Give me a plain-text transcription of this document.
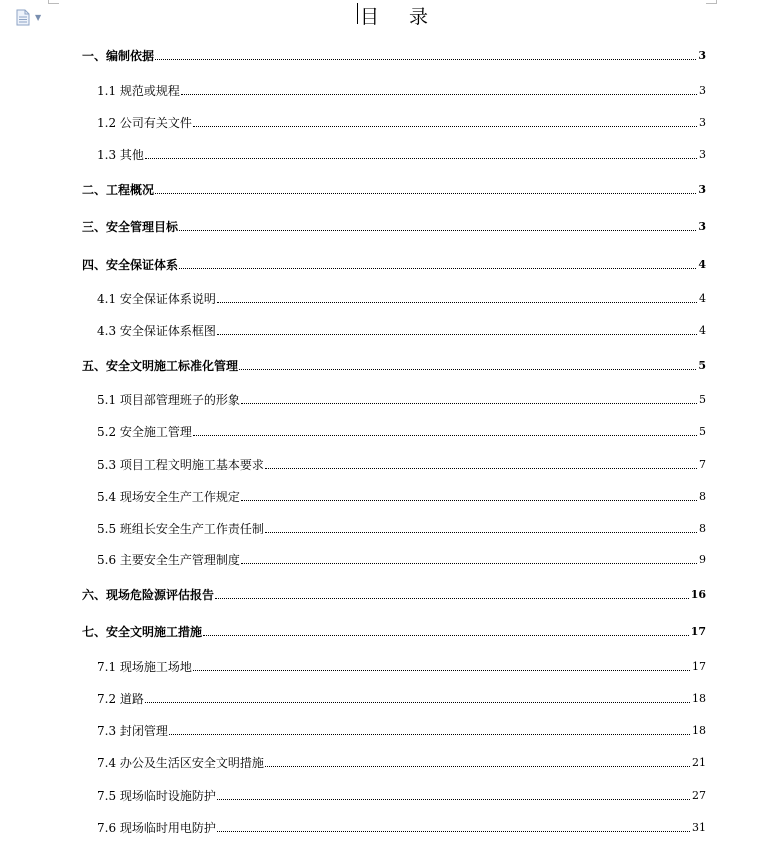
▼	目 录
一、编制依据	3
1.1 规范或规程	3
1.2 公司有关文件	3
1.3 其他	3
二、工程概况	3
三、安全管理目标	3
四、安全保证体系	4
4.1 安全保证体系说明	4
4.3 安全保证体系框图	4
五、安全文明施工标准化管理	5
5.1 项目部管理班子的形象	5
5.2 安全施工管理	5
5.3 项目工程文明施工基本要求	7
5.4 现场安全生产工作规定	8
5.5 班组长安全生产工作责任制	8
5.6 主要安全生产管理制度	9
六、现场危险源评估报告	16
七、安全文明施工措施	17
7.1 现场施工场地	17
7.2 道路	18
7.3 封闭管理	18
7.4 办公及生活区安全文明措施	21
7.5 现场临时设施防护	27
7.6 现场临时用电防护	31
